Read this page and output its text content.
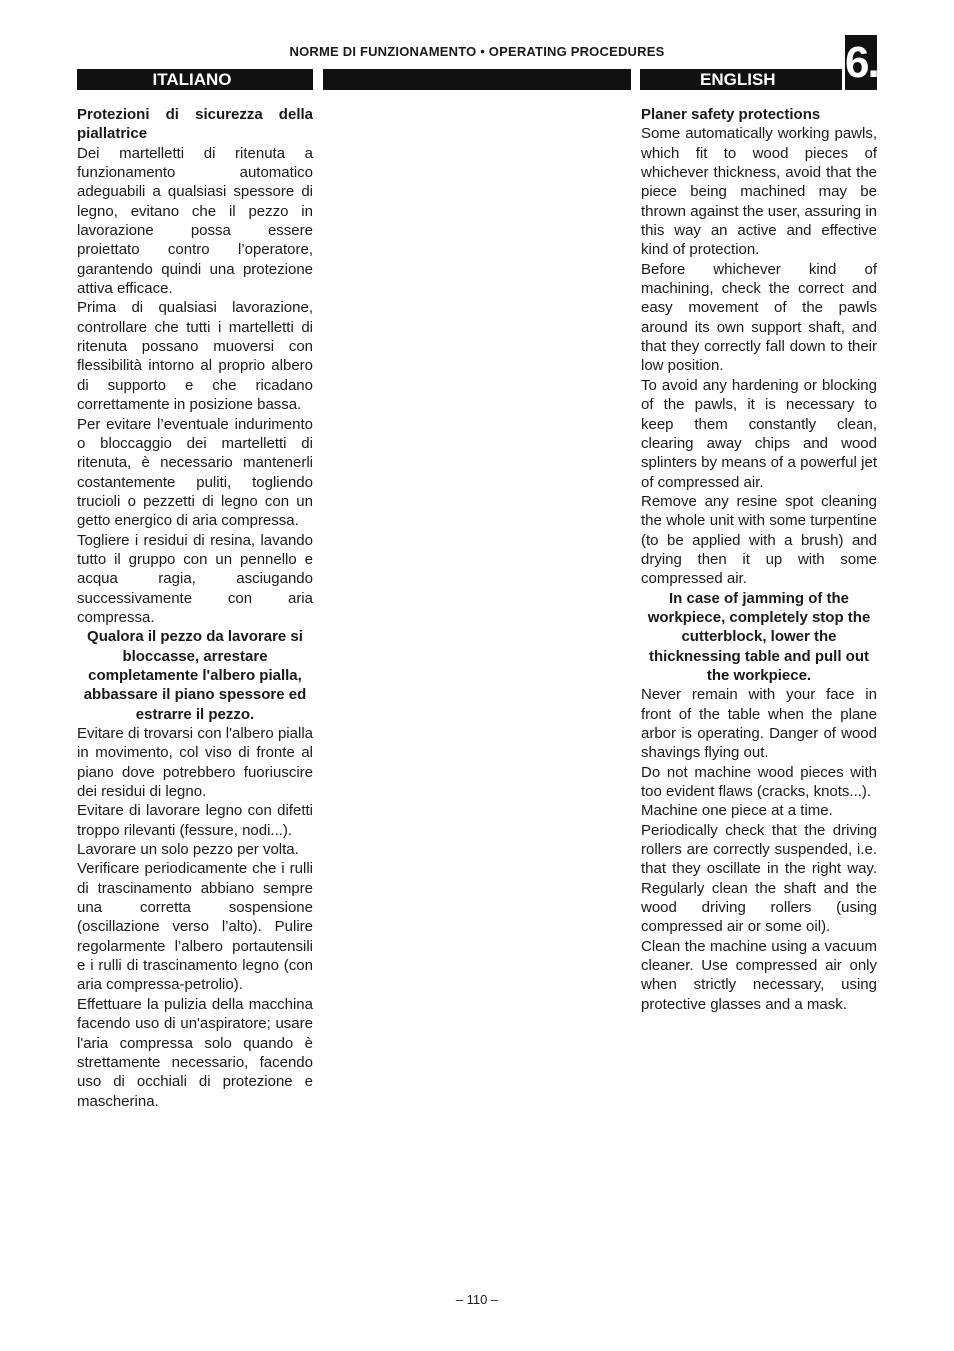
NORME DI FUNZIONAMENTO • OPERATING PROCEDURES	6.
ITALIANO	ENGLISH

Protezioni di sicurezza della piallatrice

Dei martelletti di ritenuta a funzionamento automatico adeguabili a qualsiasi spessore di legno, evitano che il pezzo in lavorazione possa essere proiettato contro l’operatore, garantendo quindi una protezione attiva efficace.

Prima di qualsiasi lavorazione, controllare che tutti i martelletti di ritenuta possano muoversi con flessibilità intorno al proprio albero di supporto e che ricadano correttamente in posizione bassa.

Per evitare l’eventuale indurimento o bloccaggio dei martelletti di ritenuta, è necessario mantenerli costantemente puliti, togliendo trucioli o pezzetti di legno con un getto energico di aria compressa.

Togliere i residui di resina, lavando tutto il gruppo con un pennello e acqua ragia, asciugando successivamente con aria compressa.

Qualora il pezzo da lavorare si bloccasse, arrestare completamente l'albero pialla, abbassare il piano spessore ed estrarre il pezzo.

Evitare di trovarsi con l'albero pialla in movimento, col viso di fronte al piano dove potrebbero fuoriuscire dei residui di legno.

Evitare di lavorare legno con difetti troppo rilevanti (fessure, nodi...).

Lavorare un solo pezzo per volta.

Verificare periodicamente che i rulli di trascinamento abbiano sempre una corretta sospensione (oscillazione verso l’alto). Pulire regolarmente l’albero portautensili e i rulli di trascinamento legno (con aria compressa-petrolio).

Effettuare la pulizia della macchina facendo uso di un'aspiratore; usare l'aria compressa solo quando è strettamente necessario, facendo uso di occhiali di protezione e mascherina.

Planer safety protections

Some automatically working pawls, which fit to wood pieces of whichever thickness, avoid that the piece being machined may be thrown against the user, assuring in this way an active and effective kind of protection.

Before whichever kind of machining, check the correct and easy movement of the pawls around its own support shaft, and that they correctly fall down to their low position.

To avoid any hardening or blocking of the pawls, it is necessary to keep them constantly clean, clearing away chips and wood splinters by means of a powerful jet of compressed air.

Remove any resine spot cleaning the whole unit with some turpentine (to be applied with a brush) and drying then it up with some compressed air.

In case of jamming of the workpiece, completely stop the cutterblock, lower the thicknessing table and pull out the workpiece.

Never remain with your face in front of the table when the plane arbor is operating. Danger of wood shavings flying out.

Do not machine wood pieces with too evident flaws (cracks, knots...).

Machine one piece at a time.

Periodically check that the driving rollers are correctly suspended, i.e. that they oscillate in the right way. Regularly clean the shaft and the wood driving rollers (using compressed air or some oil).

Clean the machine using a vacuum cleaner. Use compressed air only when strictly necessary, using protective glasses and a mask.

– 110 –
